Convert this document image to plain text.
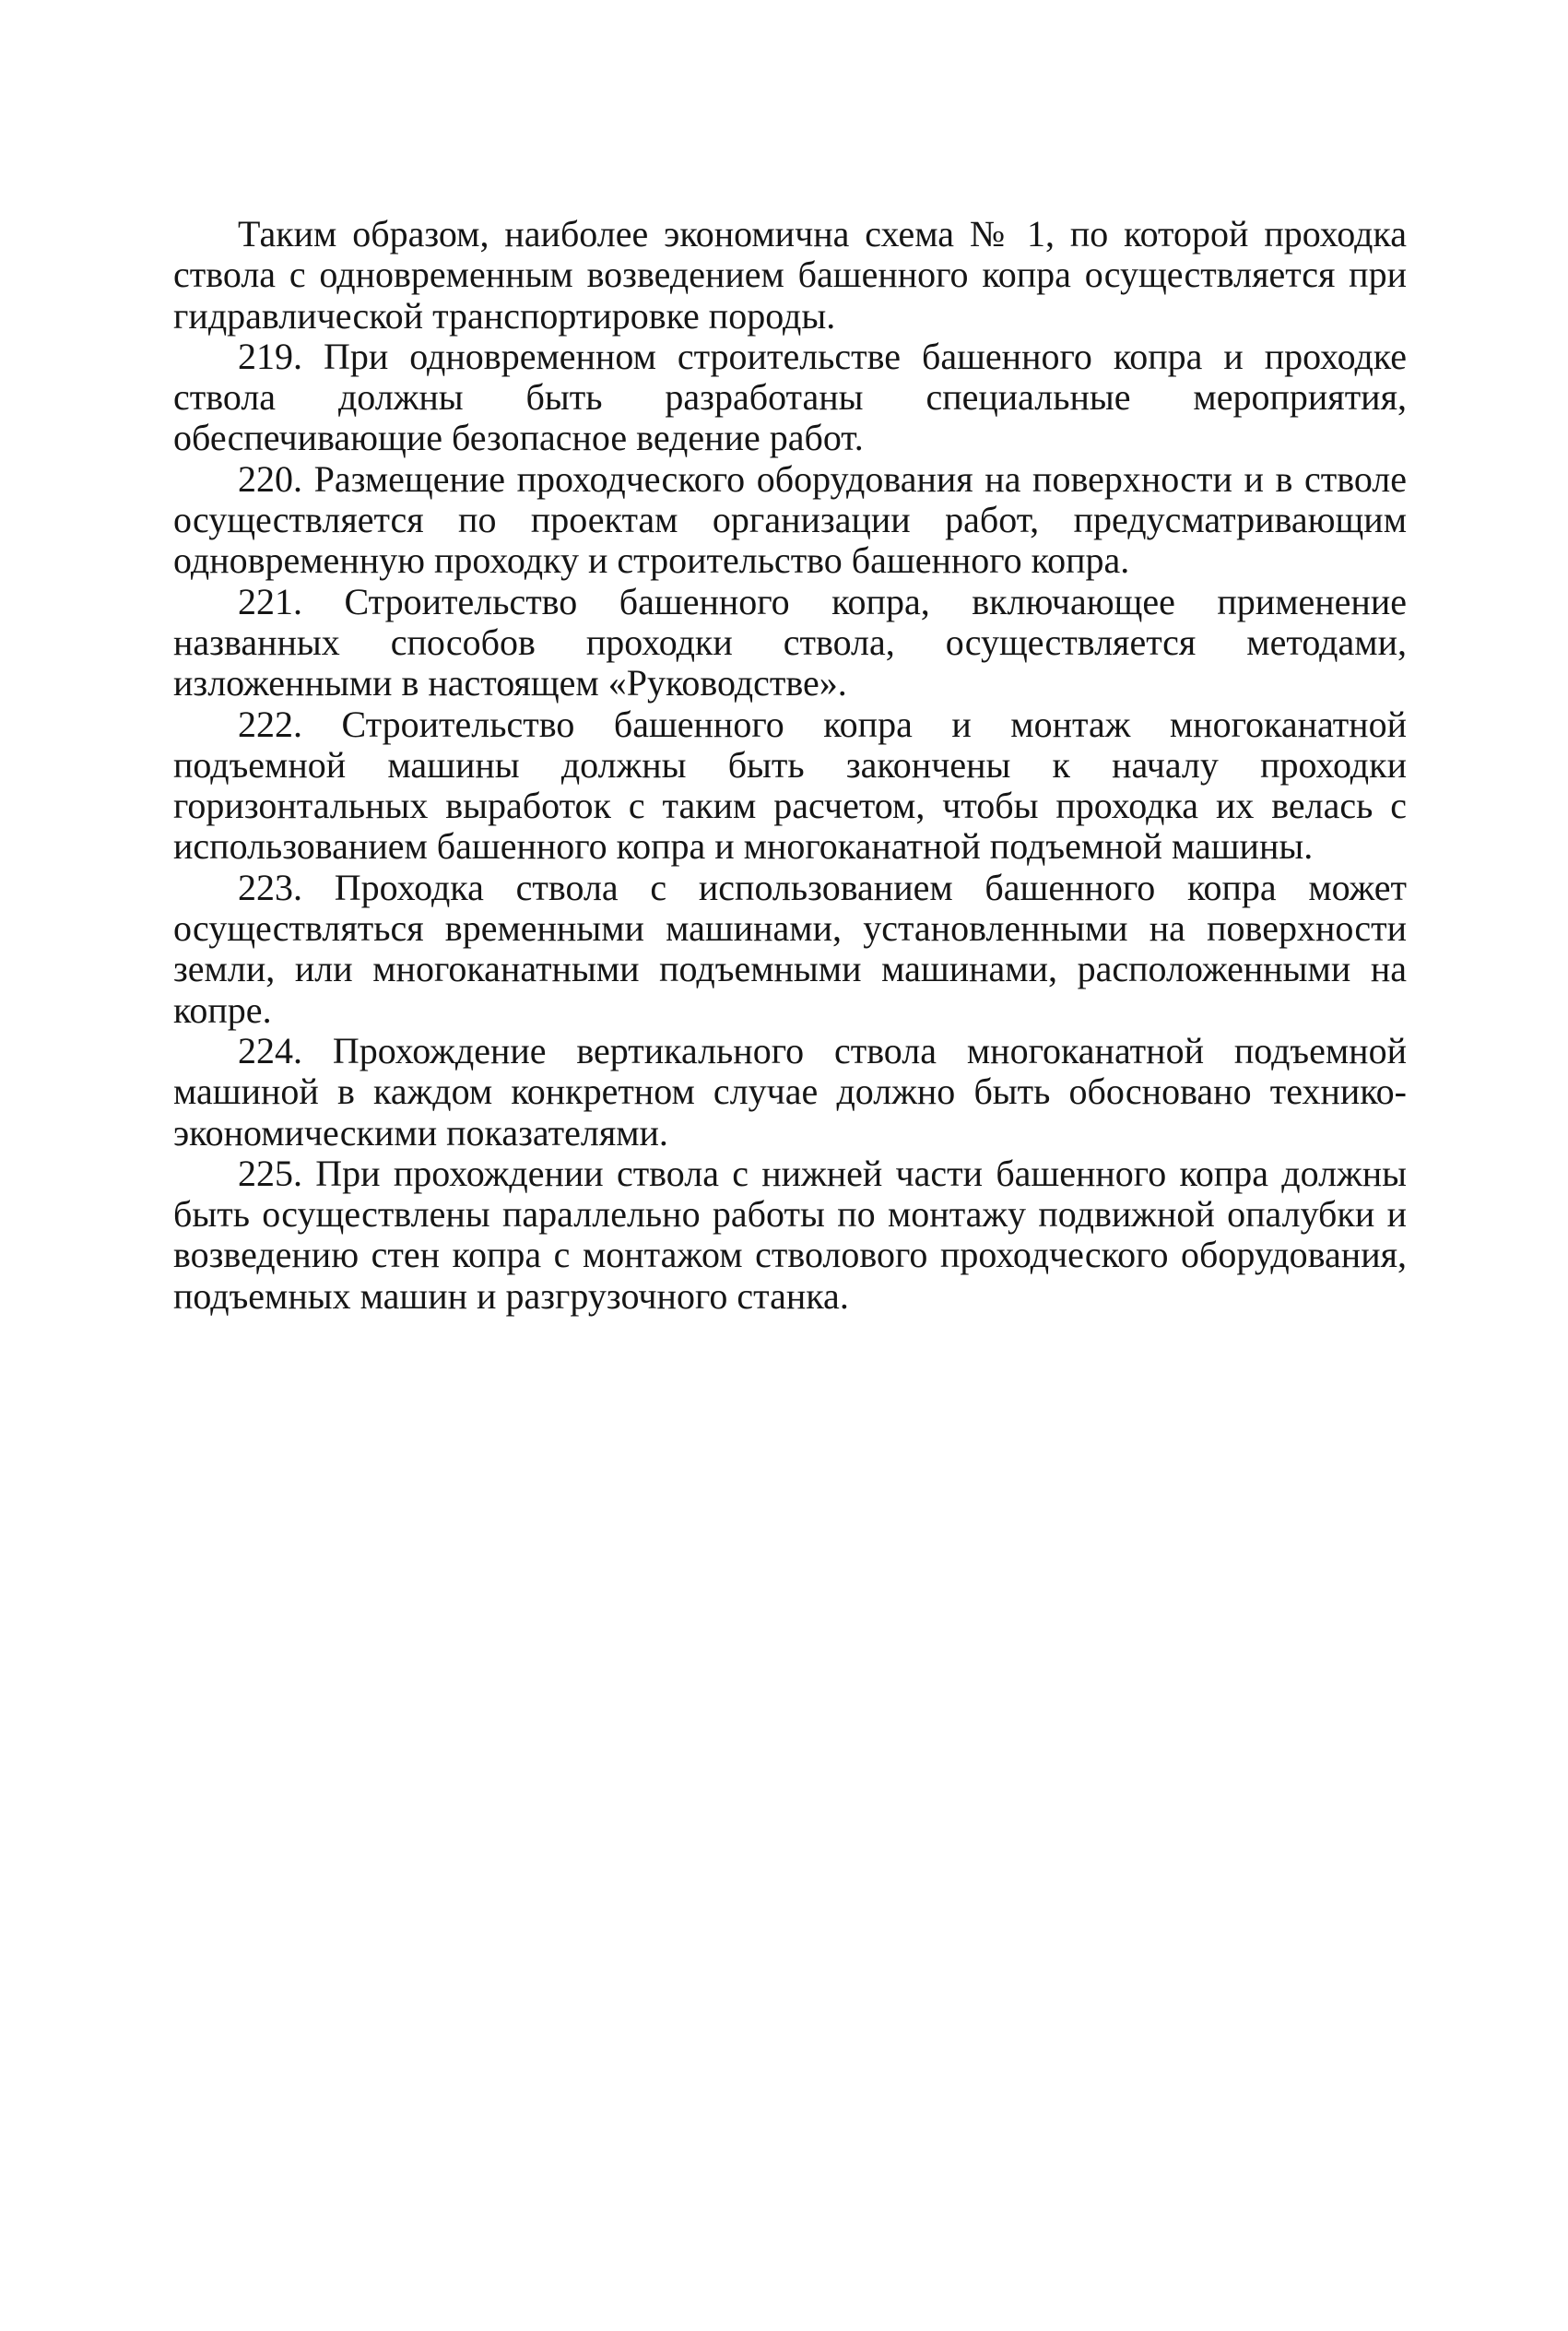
Таким образом, наиболее экономична схема № 1, по которой проходка ствола с одновременным возведением башенного копра осуществляется при гидравлической транспортировке породы.

219. При одновременном строительстве башенного копра и проходке ствола должны быть разработаны специальные мероприятия, обеспечивающие безопасное ведение работ.

220. Размещение проходческого оборудования на поверхности и в стволе осуществляется по проектам организации работ, предусматривающим одновременную проходку и строительство башенного копра.

221. Строительство башенного копра, включающее применение названных способов проходки ствола, осуществляется методами, изложенными в настоящем «Руководстве».

222. Строительство башенного копра и монтаж многоканатной подъемной машины должны быть закончены к началу проходки горизонтальных выработок с таким расчетом, чтобы проходка их велась с использованием башенного копра и многоканатной подъемной машины.

223. Проходка ствола с использованием башенного копра может осуществляться временными машинами, установленными на поверхности земли, или многоканатными подъемными машинами, расположенными на копре.

224. Прохождение вертикального ствола многоканатной подъемной машиной в каждом конкретном случае должно быть обосновано технико-экономическими показателями.

225. При прохождении ствола с нижней части башенного копра должны быть осуществлены параллельно работы по монтажу подвижной опалубки и возведению стен копра с монтажом стволового проходческого оборудования, подъемных машин и разгрузочного станка.
